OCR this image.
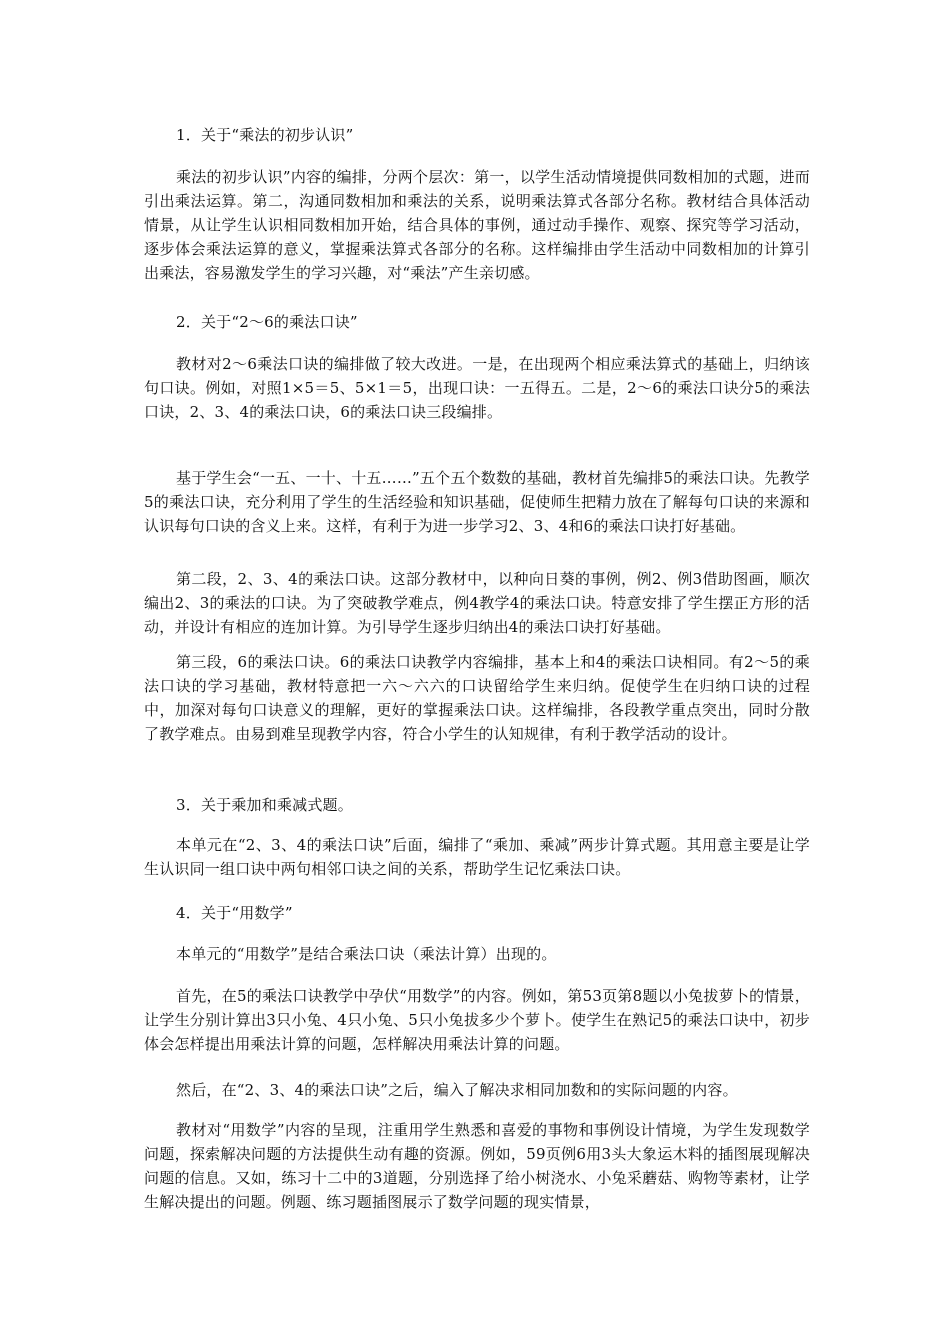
1．关于“乘法的初步认识”

乘法的初步认识”内容的编排，分两个层次：第一，以学生活动情境提供同数相加的式题，进而引出乘法运算。第二，沟通同数相加和乘法的关系，说明乘法算式各部分名称。教材结合具体活动情景，从让学生认识相同数相加开始，结合具体的事例，通过动手操作、观察、探究等学习活动，逐步体会乘法运算的意义，掌握乘法算式各部分的名称。这样编排由学生活动中同数相加的计算引出乘法，容易激发学生的学习兴趣，对“乘法”产生亲切感。

2．关于“2～6的乘法口诀”

教材对2～6乘法口诀的编排做了较大改进。一是，在出现两个相应乘法算式的基础上，归纳该句口诀。例如，对照1×5＝5、5×1＝5，出现口诀：一五得五。二是，2～6的乘法口诀分5的乘法口诀，2、3、4的乘法口诀，6的乘法口诀三段编排。

基于学生会“一五、一十、十五……”五个五个数数的基础，教材首先编排5的乘法口诀。先教学5的乘法口诀，充分利用了学生的生活经验和知识基础，促使师生把精力放在了解每句口诀的来源和认识每句口诀的含义上来。这样，有利于为进一步学习2、3、4和6的乘法口诀打好基础。

第二段，2、3、4的乘法口诀。这部分教材中，以种向日葵的事例，例2、例3借助图画，顺次编出2、3的乘法的口诀。为了突破教学难点，例4教学4的乘法口诀。特意安排了学生摆正方形的活动，并设计有相应的连加计算。为引导学生逐步归纳出4的乘法口诀打好基础。

第三段，6的乘法口诀。6的乘法口诀教学内容编排，基本上和4的乘法口诀相同。有2～5的乘法口诀的学习基础，教材特意把一六～六六的口诀留给学生来归纳。促使学生在归纳口诀的过程中，加深对每句口诀意义的理解，更好的掌握乘法口诀。这样编排，各段教学重点突出，同时分散了教学难点。由易到难呈现教学内容，符合小学生的认知规律，有利于教学活动的设计。

3．关于乘加和乘减式题。

本单元在“2、3、4的乘法口诀”后面，编排了“乘加、乘减”两步计算式题。其用意主要是让学生认识同一组口诀中两句相邻口诀之间的关系，帮助学生记忆乘法口诀。

4．关于“用数学”

本单元的“用数学”是结合乘法口诀（乘法计算）出现的。

首先，在5的乘法口诀教学中孕伏“用数学”的内容。例如，第53页第8题以小兔拔萝卜的情景，让学生分别计算出3只小兔、4只小兔、5只小兔拔多少个萝卜。使学生在熟记5的乘法口诀中，初步体会怎样提出用乘法计算的问题，怎样解决用乘法计算的问题。

然后，在“2、3、4的乘法口诀”之后，编入了解决求相同加数和的实际问题的内容。

教材对“用数学”内容的呈现，注重用学生熟悉和喜爱的事物和事例设计情境，为学生发现数学问题，探索解决问题的方法提供生动有趣的资源。例如，59页例6用3头大象运木料的插图展现解决问题的信息。又如，练习十二中的3道题，分别选择了给小树浇水、小兔采蘑菇、购物等素材，让学生解决提出的问题。例题、练习题插图展示了数学问题的现实情景，
